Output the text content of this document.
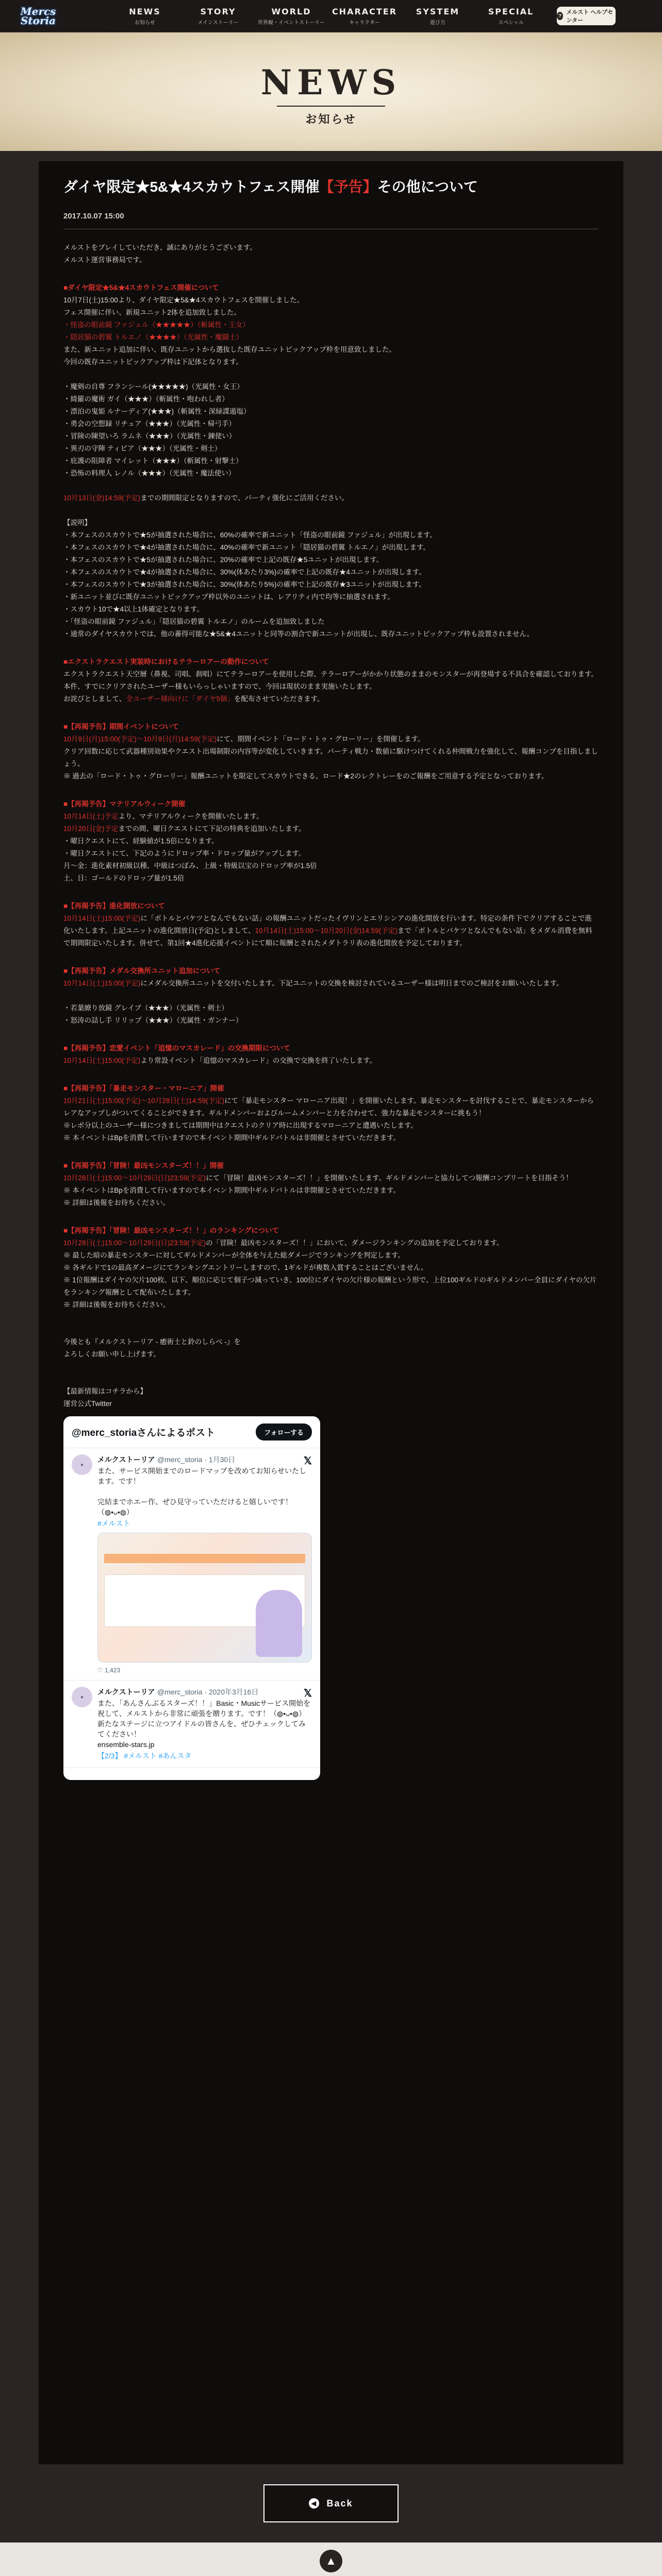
Mercs Storia
NEWS
お知らせ
STORY
メインストーリー
WORLD
世界観・イベントストーリー
CHARACTER
キャラクター
SYSTEM
遊び方
SPECIAL
スペシャル
?
メルスト ヘルプセンター
NEWS
お知らせ
ダイヤ限定★5&★4スカウトフェス開催【予告】その他について
2017.10.07 15:00

メルストをプレイしていただき、誠にありがとうございます。

メルスト運営事務局です。

■ダイヤ限定★5&★4スカウトフェス開催について

10月7日(土)15:00より、ダイヤ限定★5&★4スカウトフェスを開催しました。

フェス開催に伴い、新規ユニット2体を追加致しました。

・怪盗の眼前鏡 ファジュル（★★★★★）（斬属性・王女）

・隠居猫の碧翼 トルエノ（★★★★）（光属性・魔闘士）

また、新ユニット追加に伴い、既存ユニットから選抜した既存ユニットピックアップ枠を用意致しました。

今回の既存ユニットピックアップ枠は下記体となります。

・魔剣の自尊 フランシール(★★★★★)（光属性・女王）

・綺羅の魔術 ガイ（★★★）（斬属性・咆われし者）

・漂泊の鬼姫 ルナーディア(★★★)（斬属性・深緑諜遁塩）

・勇会の空想録 リチュア（★★★）（光属性・帰弓手）

・冒険の陳望いろ ラムネ（★★★）（光属性・錬使い）

・異刃の守陣 ティピア（★★★）（光属性・剣士）

・庇護の阻障者 マイレット（★★★）（斬属性・射撃士）

・恐怖の料理人 レノル（★★★）（光属性・魔法使い）

10月13日(金)14:59(予定)までの期間限定となりますので、パーティ強化にご活用ください。

【説明】

・本フェスのスカウトで★5が抽選された場合に、60%の確率で新ユニット「怪盗の眼前鏡 ファジュル」が出現します。

・本フェスのスカウトで★4が抽選された場合に、40%の確率で新ユニット「隠居猫の碧翼 トルエノ」が出現します。

・本フェスのスカウトで★5が抽選された場合に、20%の確率で上記の既存★5ユニットが出現します。

・本フェスのスカウトで★4が抽選された場合に、30%(体あたり3%)の確率で上記の既存★4ユニットが出現します。

・本フェスのスカウトで★3が抽選された場合に、30%(体あたり5%)の確率で上記の既存★3ユニットが出現します。

・新ユニット並びに既存ユニットピックアップ枠以外のユニットは、レアリティ内で均等に抽選されます。

・スカウト10で★4以上1体確定となります。

・「怪盗の眼前鏡 ファジュル」「隠居猫の碧翼 トルエノ」のルームを追加致しました

・通常のダイヤスカウトでは、他の蕃得可能な★5&★4ユニットと同等の割合で新ユニットが出現し、既存ユニットピックアップ枠も設置されません。

■エクストラクエスト実装時におけるテラーロアーの動作について

エクストラクエスト天空層（鼻視、司唱、刹唱）にてテラーロアーを使用した際、テラーロアーがかかり状態のままのモンスターが再登場する不具合を確認しております。

本件、すでにクリアされたユーザー様もいらっしゃいますので、今回は現状のまま実施いたします。

お詫びとしまして、全ユーザー様向けに「ダイヤ5個」を配布させていただきます。

■【再掲予告】期間イベントについて

10月9日(月)15:00(予定)〜10月9日(月)14:59(予定)にて、期間イベント「ロード・トゥ・グローリー」を開催します。

クリア回数に応じて武器種別効果やクエスト出場制限の内容等が変化していきます。パーティ戦力・数値に駆けつけてくれる仲間戦力を強化して、報酬コンプを目指しましょう。

※ 過去の「ロード・トゥ・グローリー」報酬ユニットを限定してスカウトできる、ロード★2のレクトレーをのご報酬をご用意する予定となっております。

■【再掲予告】マテリアルウィーク開催

10月14日(土)予定より、マテリアルウィークを開催いたします。

10月20日(金)予定までの間、曜日クエストにて下記の特典を追加いたします。

・曜日クエストにて、経験値が1.5倍になります。

・曜日クエストにて、下記のようにドロップ率・ドロップ量がアップします。

月〜金：進化素材初級以種、中級はつぼみ、上級・特級以宝のドロップ率が1.5倍

土、日：ゴールドのドロップ量が1.5倍

■【再掲予告】進化開放について

10月14日(土)15:00(予定)に「ボトルとバケツとなんでもない話」の報酬ユニットだったイヴリンとエリシンアの進化開放を行います。特定の条件下でクリアすることで進化いたします。上記ユニットの進化開放日(予定)としまして、10月14日(土)15:00〜10月20日(金)14:59(予定)まで「ボトルとバケツとなんでもない話」をメダル消費を無料で期間限定いたします。併せて、第1回★4進化応援イベントにて順に報酬とされたメダトラリ表の進化開放を予定しております。

■【再掲予告】メダル交換所ユニット追加について

10月14日(土)15:00(予定)にメダル交換所ユニットを交付いたします。下記ユニットの交換を検討されているユーザー様は明日までのご検討をお願いいたします。

・若葉繚り放鏡 グレイブ（★★★）（光属性・剣士）

・怒涛の詰し手 リリップ（★★★）（光属性・ガンナー）

■【再掲予告】恋愛イベント「追憶のマスカレード」の交換期限について

10月14日(土)15:00(予定)より常設イベント「追憶のマスカレード」の交換で交換を終了いたします。

■【再掲予告】「暴走モンスター・マローニア」開催

10月21日(土)15:00(予定)〜10月28日(土)14:59(予定)にて「暴走モンスター マローニア出現！」を開催いたします。暴走モンスターを討伐することで、暴走モンスターからレアなアップしがついてくることができます。ギルドメンバーおよびルームメンバーと力を合わせて、強力な暴走モンスターに挑もう！

※レポ分以上のユーザー様につきましては期間中はクエストのクリア時に出現するマローニアと遭遇いたします。

※ 本イベントはBpを消費して行いますので本イベント期間中ギルドバトルは非開催とさせていただきます。

■【再掲予告】「冒険！最凶モンスターズ！！」開催

10月28日(土)15:00〜10月29日(日)23:59(予定)にて「冒険！最凶モンスターズ！！」を開催いたします。ギルドメンバーと協力してつ報酬コンプリートを目指そう！

※ 本イベントはBpを消費して行いますので本イベント期間中ギルドバトルは非開催とさせていただきます。

※ 詳細は後報をお待ちください。

■【再掲予告】「冒険！最凶モンスターズ！！」のランキングについて

10月28日(土)15:00〜10月29日(日)23:59(予定)の「冒険！最凶モンスターズ！！」において、ダメージランキングの追加を予定しております。

※ 最した暗の暴走モンスターに対してギルドメンバーが全体を与えた総ダメージでランキングを判定します。

※ 各ギルドで1の最高ダメージにてランキングエントリーしますので、1ギルドが複数入賞することはございません。

※ 1位報酬はダイヤの欠片100枚、以下、順位に応じて個子つ減っていき、100位にダイヤの欠片様の報酬という形で、上位100ギルドのギルドメンバー全員にダイヤの欠片をランキング報酬として配布いたします。

※ 詳細は後報をお待ちください。

今後とも『メルクストーリア - 癒術士と鈴のしらべ -』を

よろしくお願い申し上げます。

【最新情報はコチラから】

運営公式Twitter

@merc_storiaさんによるポスト	フォローする
𝕏
●
メルクストーリア @merc_storia · 1月30日
また、サービス開始までのロードマップを改めてお知らせいたします。です！

完結までホエー作、ぜひ見守っていただけると嬉しいです！（◍•ᴗ•◍）
#メルスト
♡ 1,423
𝕏
●
メルクストーリア @merc_storia · 2020年3月16日
また、「あんさんぶるスターズ！！」Basic・Musicサービス開始を祝して、メルストから非常に頑張を贈ります。です！（◍•ᴗ•◍）
新たなステージに立つアイドルの皆さんを、ぜひチェックしてみてください！
ensemble-stars.jp
【2/3】 #メルスト #あんスタ
◀ Back
▲
